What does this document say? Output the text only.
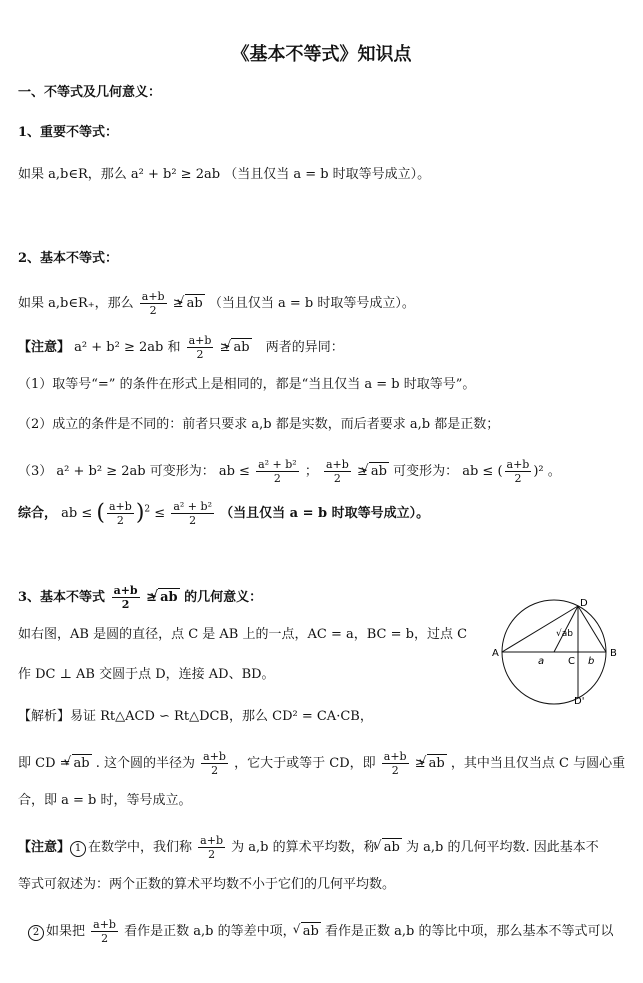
《基本不等式》知识点
一、不等式及几何意义：
1、重要不等式：
如果 a,b∈R，那么 a² + b² ≥ 2ab （当且仅当 a = b 时取等号成立）。
2、基本不等式：
如果 a,b∈R₊，那么 $\frac{a+b}{2}$ ≥ √ ab （当且仅当 a = b 时取等号成立）。
【注意】 a² + b² ≥ 2ab 和 $\frac{a+b}{2}$ ≥ √ ab 两者的异同：
（1）取等号“=” 的条件在形式上是相同的，都是“当且仅当 a = b 时取等号”。
（2）成立的条件是不同的：前者只要求 a,b 都是实数，而后者要求 a,b 都是正数；
（3） a² + b² ≥ 2ab 可变形为： ab ≤ $\frac{\text{a² + b²}}{2}$ ； $\frac{a+b}{2}$ ≥ √ ab 可变形为： ab ≤ ( $\frac{a+b}{2} )^2$ 。
综合， ab ≤ ( $\frac{a+b}{2} )^2 \le \frac{\text{a² + b²}}{2}$ （当且仅当 a = b 时取等号成立）。
3、基本不等式 $\frac{a+b}{2}$ ≥ √ ab 的几何意义：
如右图，AB 是圆的直径，点 C 是 AB 上的一点，AC = a，BC = b，过点 C
作 DC ⊥ AB 交圆于点 D，连接 AD、BD。
A	B
C
D
D'
a	b
√ab
【解析】易证 Rt△ACD ∽ Rt△DCB，那么 CD² = CA·CB，
即 CD = √ ab . 这个圆的半径为 $\frac{a+b}{2}$ ，它大于或等于 CD，即 $\frac{a+b}{2}$ ≥ √ ab ，其中当且仅当点 C 与圆心重
合，即 a = b 时，等号成立。
【注意】 1 在数学中，我们称 $\frac{a+b}{2}$ 为 a,b 的算术平均数，称 √ ab 为 a,b 的几何平均数. 因此基本不
等式可叙述为：两个正数的算术平均数不小于它们的几何平均数。
2 如果把 $\frac{a+b}{2}$ 看作是正数 a,b 的等差中项， √ ab 看作是正数 a,b 的等比中项，那么基本不等式可以
